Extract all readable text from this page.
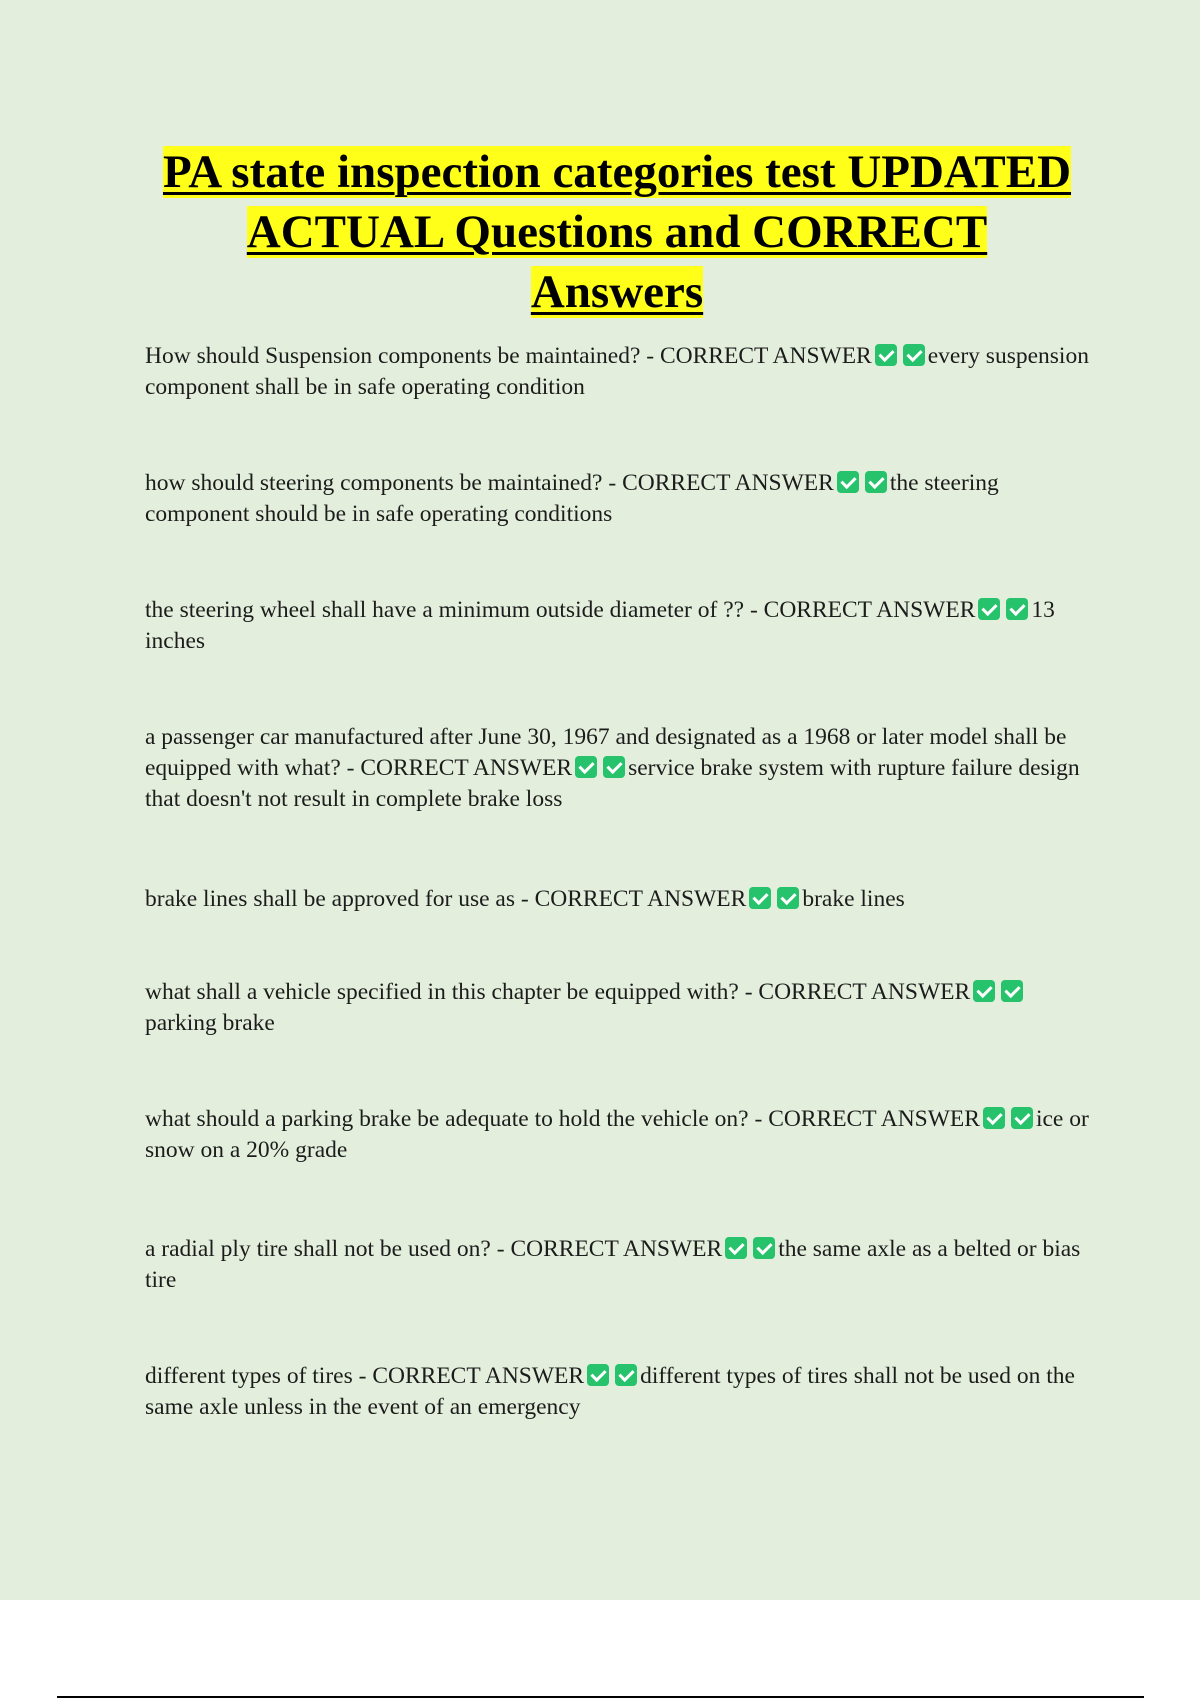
PA state inspection categories test UPDATED
ACTUAL Questions and CORRECT
Answers

How should Suspension components be maintained? - CORRECT ANSWER every suspension component shall be in safe operating condition

how should steering components be maintained? - CORRECT ANSWER the steering component should be in safe operating conditions

the steering wheel shall have a minimum outside diameter of ?? - CORRECT ANSWER 13 inches

a passenger car manufactured after June 30, 1967 and designated as a 1968 or later model shall be equipped with what? - CORRECT ANSWER service brake system with rupture failure design that doesn't not result in complete brake loss

brake lines shall be approved for use as - CORRECT ANSWER brake lines

what shall a vehicle specified in this chapter be equipped with? - CORRECT ANSWERparking brake

what should a parking brake be adequate to hold the vehicle on? - CORRECT ANSWER ice or snow on a 20% grade

a radial ply tire shall not be used on? - CORRECT ANSWER the same axle as a belted or bias tire

different types of tires - CORRECT ANSWER different types of tires shall not be used on the same axle unless in the event of an emergency
